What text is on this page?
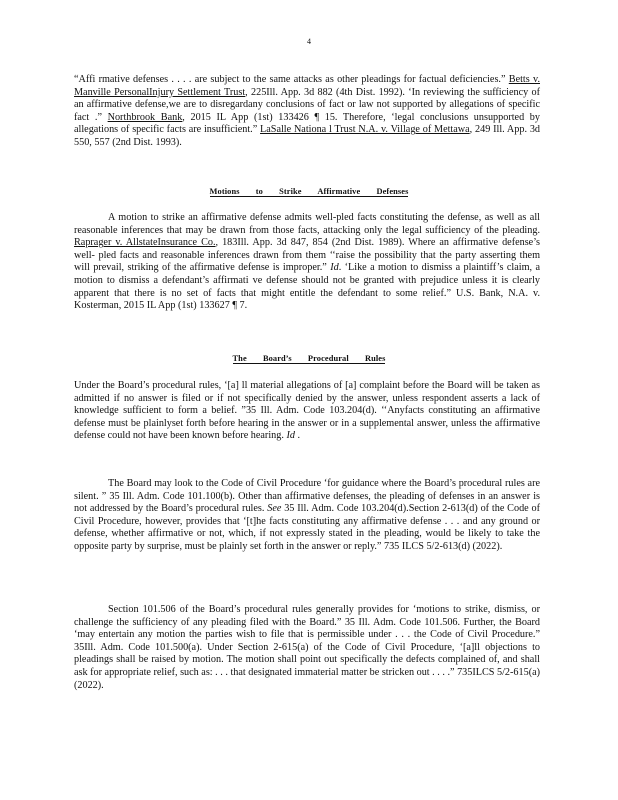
4

“Affi rmative defenses . . . . are subject to the same attacks as other pleadings for factual deficiencies.” Betts v. Manville PersonalInjury Settlement Trust, 225Ill. App. 3d 882 (4th Dist. 1992). ‘In reviewing the sufficiency of an affirmative defense,we are to disregardany conclusions of fact or law not supported by allegations of specific fact .” Northbrook Bank, 2015 IL App (1st) 133426 ¶ 15. Therefore, ‘legal conclusions unsupported by allegations of specific facts are insufficient.” LaSalle Nationa l Trust N.A. v. Village of Mettawa, 249 Ill. App. 3d 550, 557 (2nd Dist. 1993).

Motions to Strike Affirmative Defenses

A motion to strike an affirmative defense admits well-pled facts constituting the defense, as well as all reasonable inferences that may be drawn from those facts, attacking only the legal sufficiency of the pleading. Raprager v. AllstateInsurance Co., 183Ill. App. 3d 847, 854 (2nd Dist. 1989). Where an affirmative defense’s well- pled facts and reasonable inferences drawn from them ‘‘raise the possibility that the party asserting them will prevail, striking of the affirmative defense is improper.” Id. ‘Like a motion to dismiss a plaintiff’s claim, a motion to dismiss a defendant’s affirmati ve defense should not be granted with prejudice unless it is clearly apparent that there is no set of facts that might entitle the defendant to some relief.” U.S. Bank, N.A. v. Kosterman, 2015 IL App (1st) 133627 ¶ 7.

The Board’s Procedural Rules

Under the Board’s procedural rules, ‘[a] ll material allegations of [a] complaint before the Board will be taken as admitted if no answer is filed or if not specifically denied by the answer, unless respondent asserts a lack of knowledge sufficient to form a belief. ”35 Ill. Adm. Code 103.204(d). ‘‘Anyfacts constituting an affirmative defense must be plainlyset forth before hearing in the answer or in a supplemental answer, unless the affirmative defense could not have been known before hearing. Id .

The Board may look to the Code of Civil Procedure ‘for guidance where the Board’s procedural rules are silent. ” 35 Ill. Adm. Code 101.100(b). Other than affirmative defenses, the pleading of defenses in an answer is not addressed by the Board’s procedural rules. See 35 Ill. Adm. Code 103.204(d).Section 2-613(d) of the Code of Civil Procedure, however, provides that ‘[t]he facts constituting any affirmative defense . . . and any ground or defense, whether affirmative or not, which, if not expressly stated in the pleading, would be likely to take the opposite party by surprise, must be plainly set forth in the answer or reply.” 735 ILCS 5/2-613(d) (2022).

Section 101.506 of the Board’s procedural rules generally provides for ‘motions to strike, dismiss, or challenge the sufficiency of any pleading filed with the Board.” 35 Ill. Adm. Code 101.506. Further, the Board ‘may entertain any motion the parties wish to file that is permissible under . . . the Code of Civil Procedure.” 35Ill. Adm. Code 101.500(a). Under Section 2-615(a) of the Code of Civil Procedure, ‘[a]ll objections to pleadings shall be raised by motion. The motion shall point out specifically the defects complained of, and shall ask for appropriate relief, such as: . . . that designated immaterial matter be stricken out . . . .” 735ILCS 5/2-615(a) (2022).
